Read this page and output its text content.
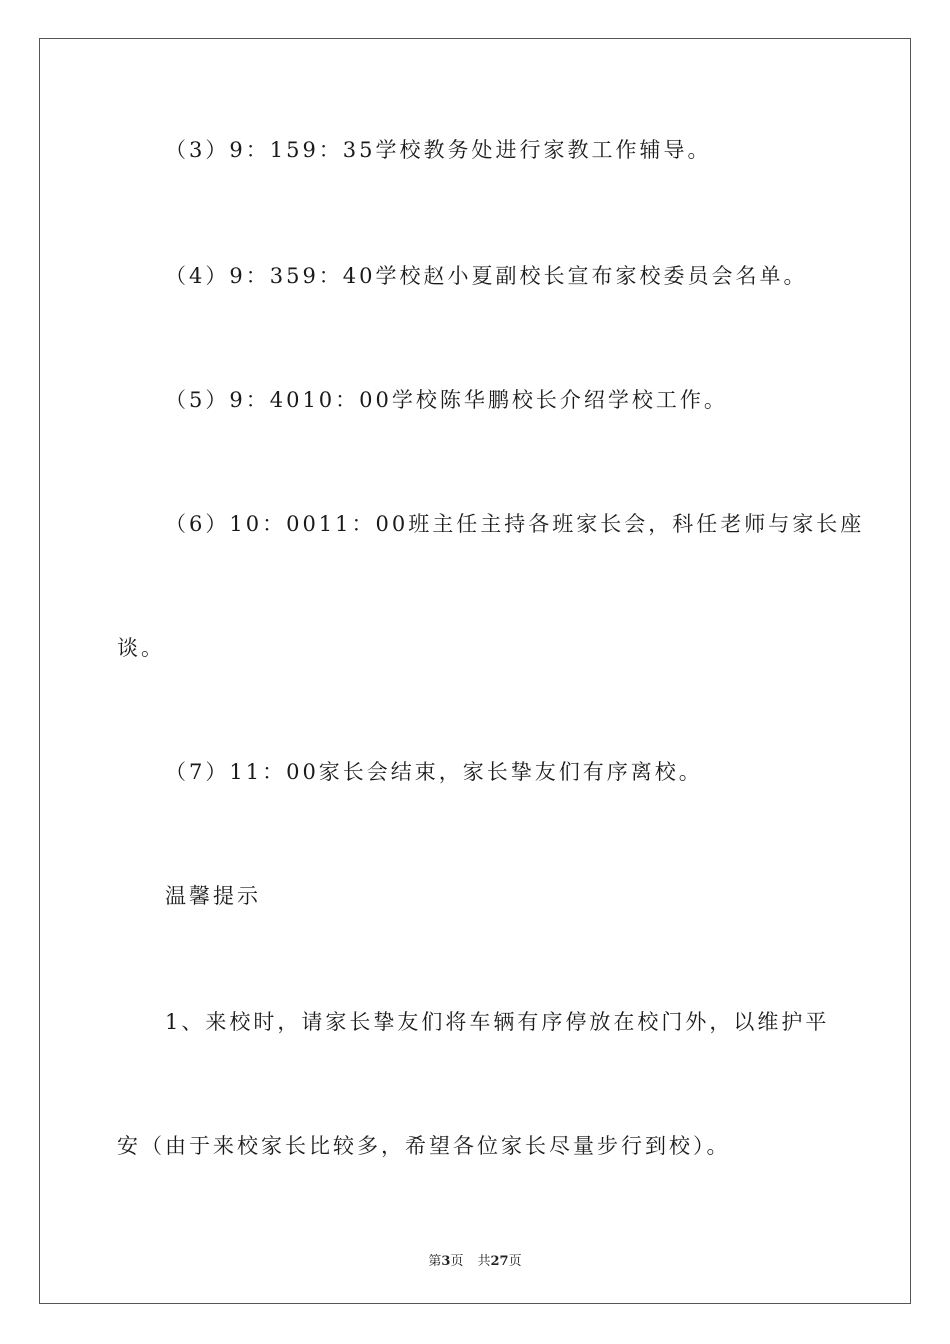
（3）9：159：35学校教务处进行家教工作辅导。
（4）9：359：40学校赵小夏副校长宣布家校委员会名单。
（5）9：4010：00学校陈华鹏校长介绍学校工作。
（6）10：0011：00班主任主持各班家长会，科任老师与家长座
谈。
（7）11：00家长会结束，家长挚友们有序离校。
温馨提示
1、来校时，请家长挚友们将车辆有序停放在校门外，以维护平
安（由于来校家长比较多，希望各位家长尽量步行到校）。
第3页 共27页
